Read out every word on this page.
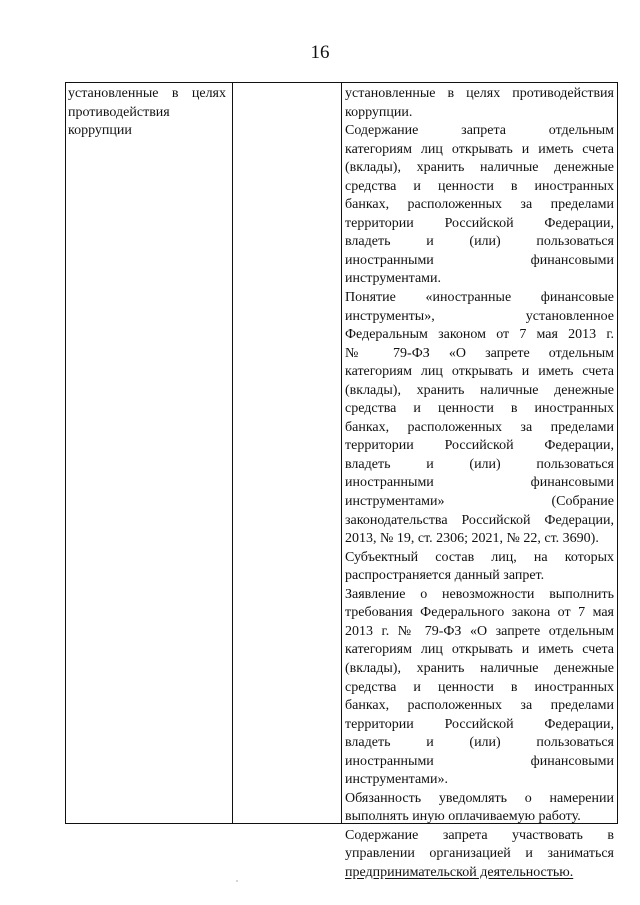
16
установленные в целях
противодействия
коррупции
установленные в целях противодействия
коррупции.
Содержание запрета отдельным
категориям лиц открывать и иметь счета
(вклады), хранить наличные денежные
средства и ценности в иностранных
банках, расположенных за пределами
территории Российской Федерации,
владеть и (или) пользоваться
иностранными финансовыми
инструментами.
Понятие «иностранные финансовые
инструменты», установленное
Федеральным законом от 7 мая 2013 г.
№ 79-ФЗ «О запрете отдельным
категориям лиц открывать и иметь счета
(вклады), хранить наличные денежные
средства и ценности в иностранных
банках, расположенных за пределами
территории Российской Федерации,
владеть и (или) пользоваться
иностранными финансовыми
инструментами» (Собрание
законодательства Российской Федерации,
2013, № 19, ст. 2306; 2021, № 22, ст. 3690).
Субъектный состав лиц, на которых
распространяется данный запрет.
Заявление о невозможности выполнить
требования Федерального закона от 7 мая
2013 г. № 79-ФЗ «О запрете отдельным
категориям лиц открывать и иметь счета
(вклады), хранить наличные денежные
средства и ценности в иностранных
банках, расположенных за пределами
территории Российской Федерации,
владеть и (или) пользоваться
иностранными финансовыми
инструментами».
Обязанность уведомлять о намерении
выполнять иную оплачиваемую работу.
Содержание запрета участвовать в
управлении организацией и заниматься
предпринимательской деятельностью.
